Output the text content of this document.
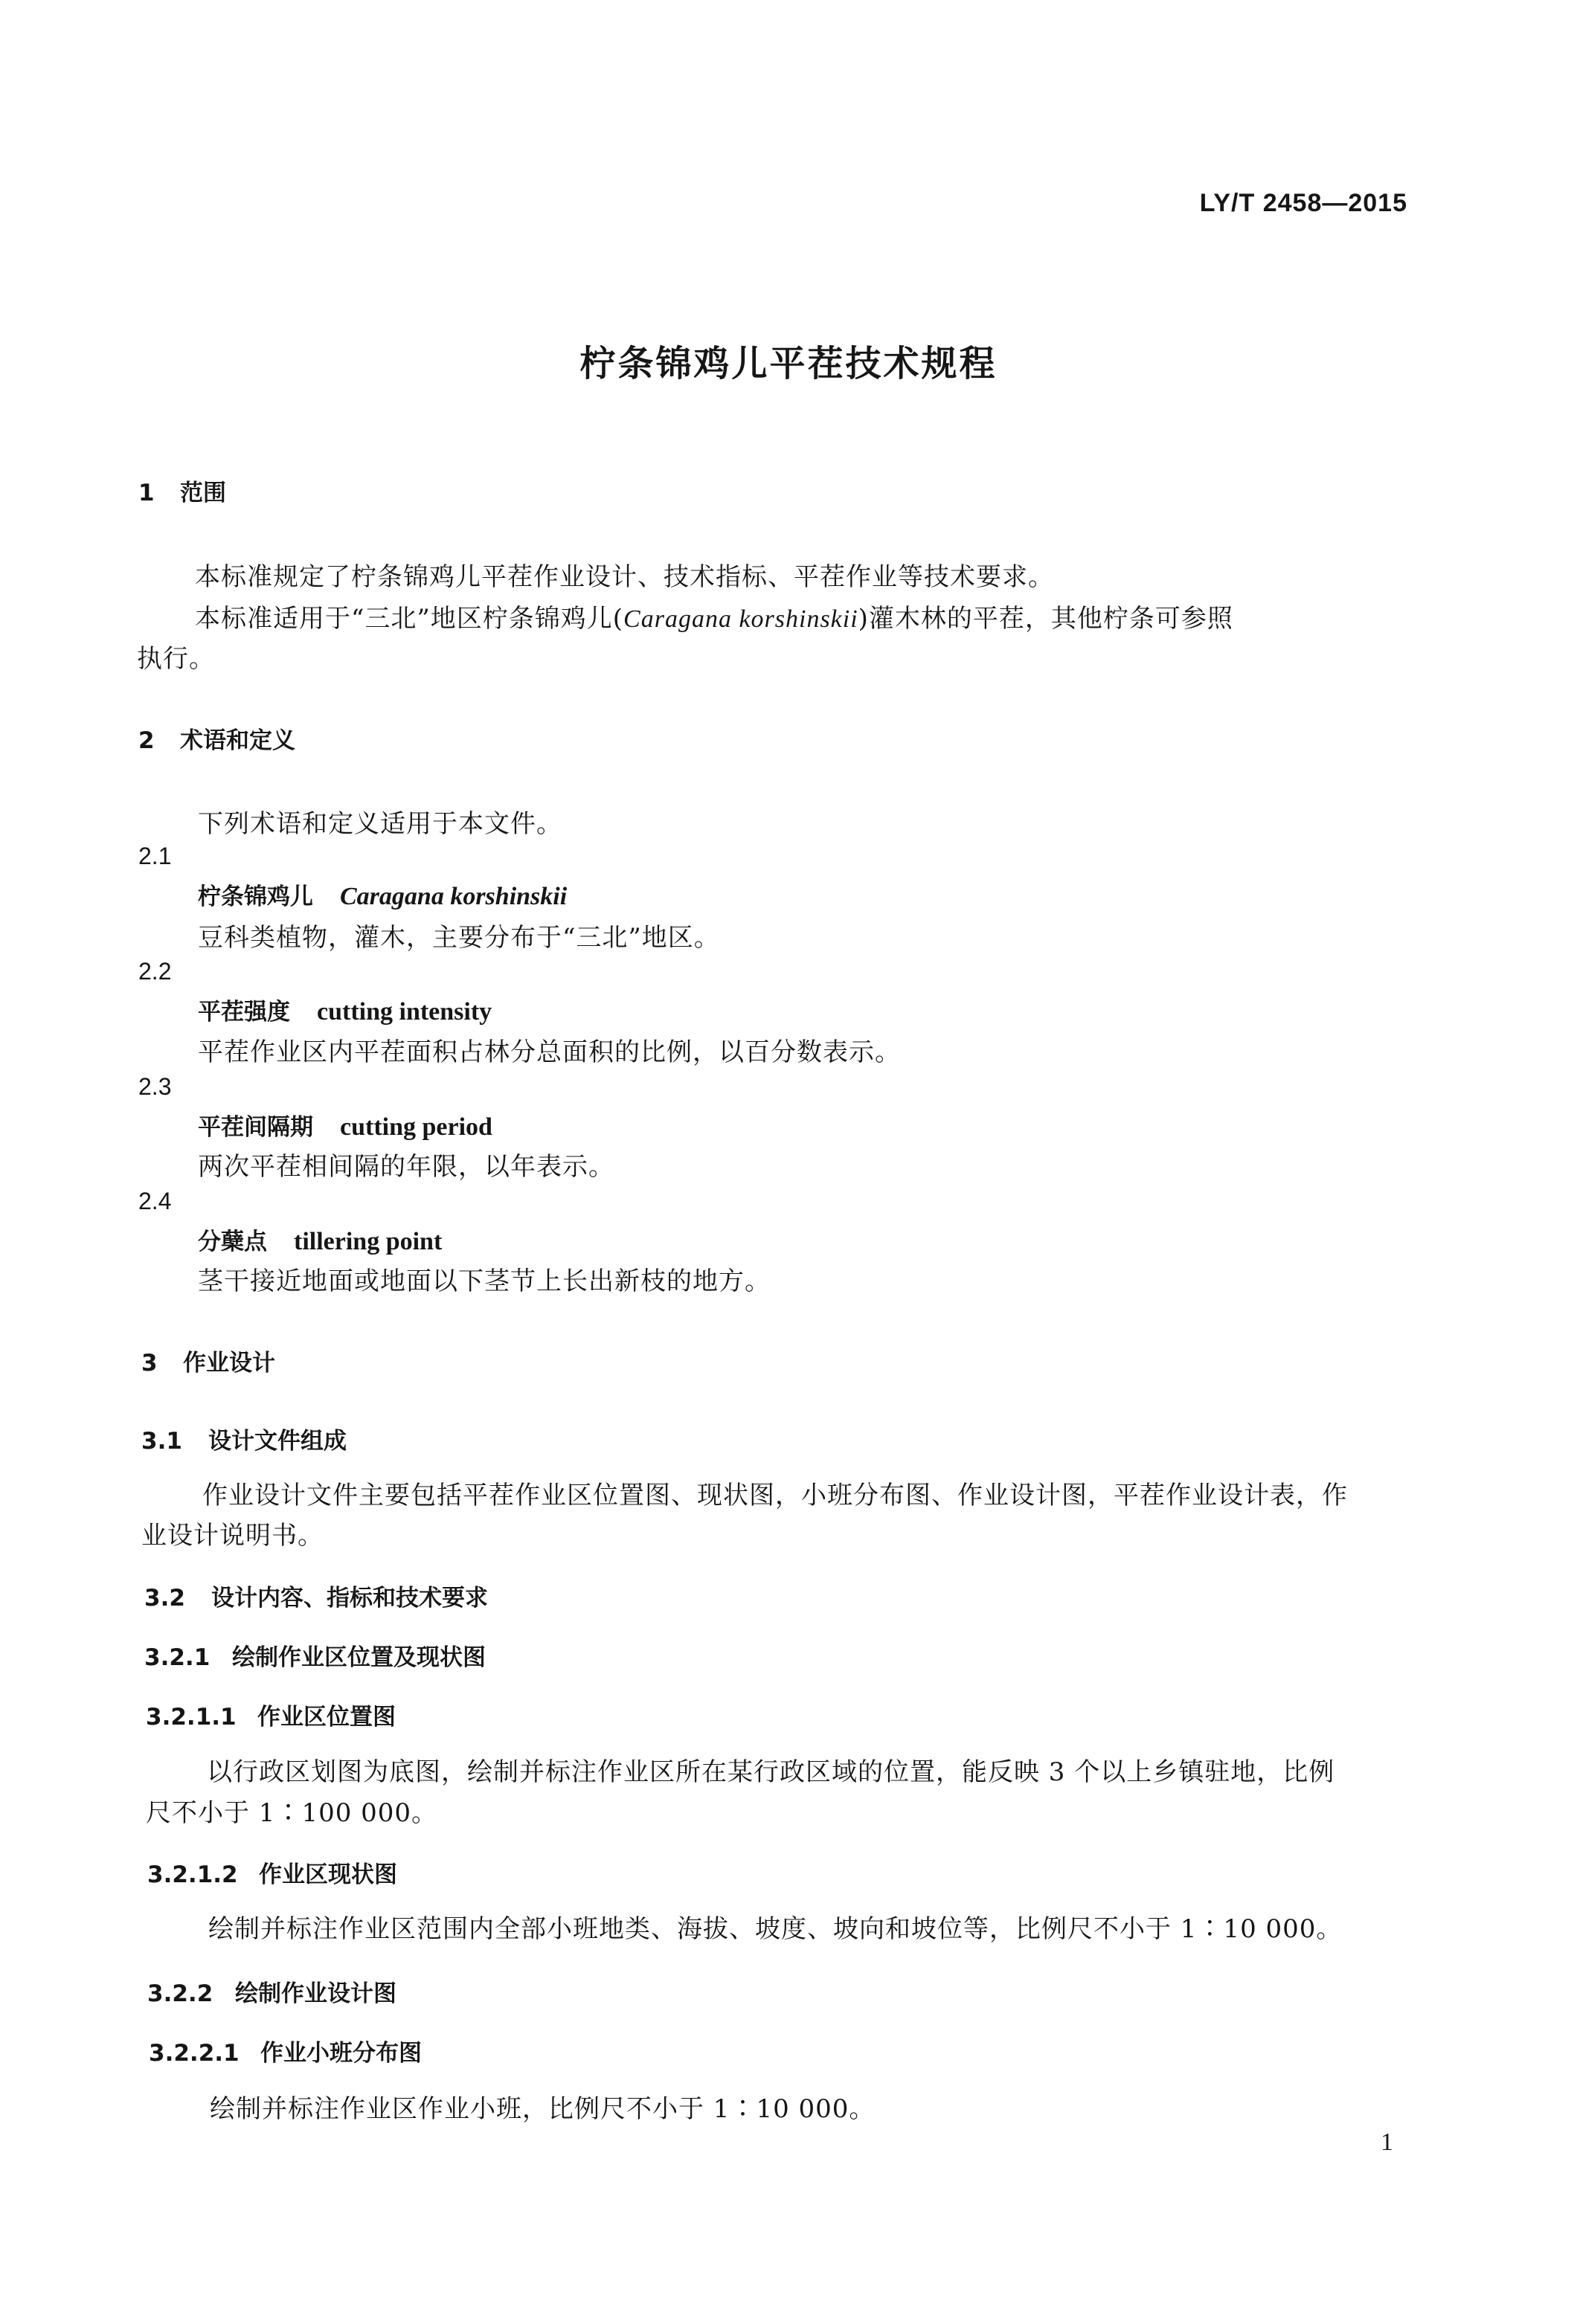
LY/T 2458—2015
柠条锦鸡儿平茬技术规程
1 范围
本标准规定了柠条锦鸡儿平茬作业设计、技术指标、平茬作业等技术要求。
本标准适用于“三北”地区柠条锦鸡儿(Caragana korshinskii)灌木林的平茬，其他柠条可参照
执行。
2 术语和定义
下列术语和定义适用于本文件。
2.1
柠条锦鸡儿 Caragana korshinskii
豆科类植物，灌木，主要分布于“三北”地区。
2.2
平茬强度 cutting intensity
平茬作业区内平茬面积占林分总面积的比例，以百分数表示。
2.3
平茬间隔期 cutting period
两次平茬相间隔的年限，以年表示。
2.4
分蘖点 tillering point
茎干接近地面或地面以下茎节上长出新枝的地方。
3 作业设计
3.1 设计文件组成
作业设计文件主要包括平茬作业区位置图、现状图，小班分布图、作业设计图，平茬作业设计表，作
业设计说明书。
3.2 设计内容、指标和技术要求
3.2.1 绘制作业区位置及现状图
3.2.1.1 作业区位置图
以行政区划图为底图，绘制并标注作业区所在某行政区域的位置，能反映 3 个以上乡镇驻地，比例
尺不小于 1∶100 000。
3.2.1.2 作业区现状图
绘制并标注作业区范围内全部小班地类、海拔、坡度、坡向和坡位等，比例尺不小于 1∶10 000。
3.2.2 绘制作业设计图
3.2.2.1 作业小班分布图
绘制并标注作业区作业小班，比例尺不小于 1∶10 000。
1
